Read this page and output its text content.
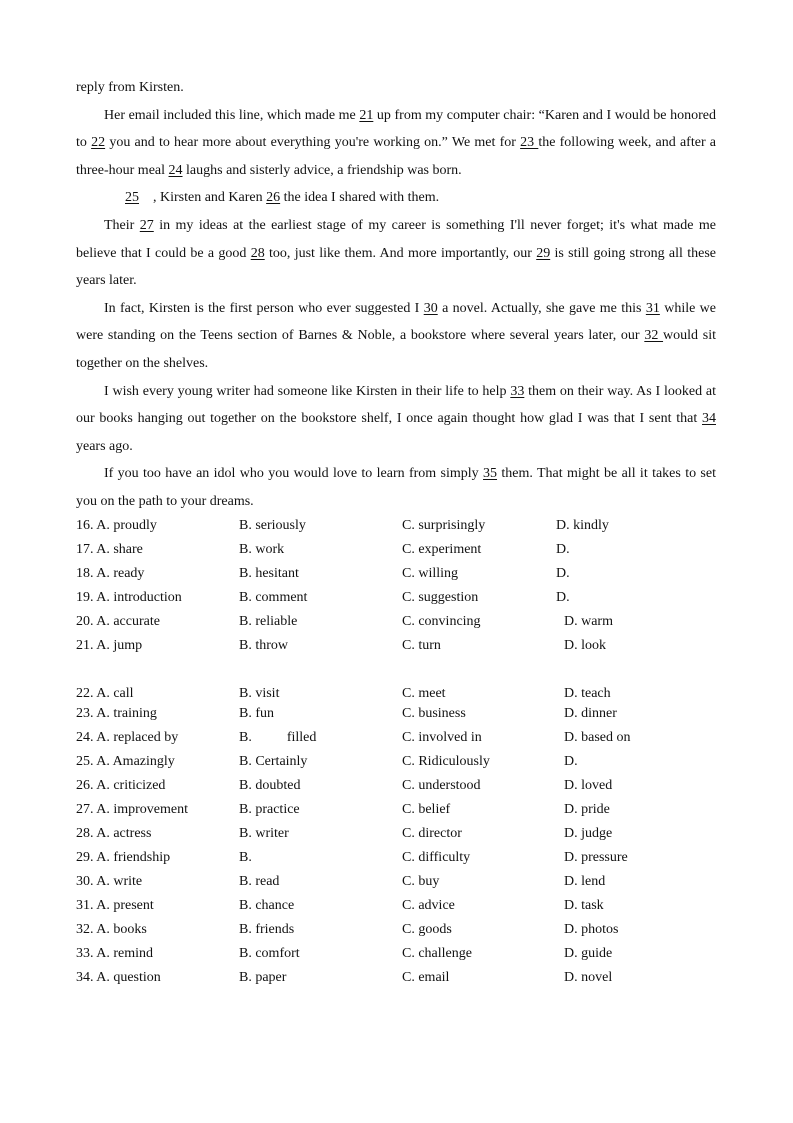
reply from Kirsten.

Her email included this line, which made me 21 up from my computer chair: “Karen and I would be honored to 22 you and to hear more about everything you're working on.” We met for 23 the following week, and after a three-hour meal 24 laughs and sisterly advice, a friendship was born.

25    , Kirsten and Karen 26 the idea I shared with them.

Their 27 in my ideas at the earliest stage of my career is something I'll never forget; it's what made me believe that I could be a good 28 too, just like them. And more importantly, our 29 is still going strong all these years later.

In fact, Kirsten is the first person who ever suggested I 30 a novel. Actually, she gave me this 31 while we were standing on the Teens section of Barnes & Noble, a bookstore where several years later, our 32 would sit together on the shelves.

I wish every young writer had someone like Kirsten in their life to help 33 them on their way. As I looked at our books hanging out together on the bookstore shelf, I once again thought how glad I was that I sent that 34 years ago.

If you too have an idol who you would love to learn from simply 35 them. That might be all it takes to set you on the path to your dreams.

16. A. proudly	B. seriously	C. surprisingly	D. kindly
17. A. share	B. work	C. experiment	D.
18. A. ready	B. hesitant	C. willing	D.
19. A. introduction	B. comment	C. suggestion	D.
20. A. accurate	B. reliable	C. convincing	D. warm
21. A. jump	B. throw	C. turn	D. look
22. A. call	B. visit	C. meet	D. teach
23. A. training	B. fun	C. business	D. dinner
24. A. replaced by	B.          filled	C. involved in	D. based on
25. A. Amazingly	B. Certainly	C. Ridiculously	D.
26. A. criticized	B. doubted	C. understood	D. loved
27. A. improvement	B. practice	C. belief	D. pride
28. A. actress	B. writer	C. director	D. judge
29. A. friendship	B.	C. difficulty	D. pressure
30. A. write	B. read	C. buy	D. lend
31. A. present	B. chance	C. advice	D. task
32. A. books	B. friends	C. goods	D. photos
33. A. remind	B. comfort	C. challenge	D. guide
34. A. question	B. paper	C. email	D. novel
